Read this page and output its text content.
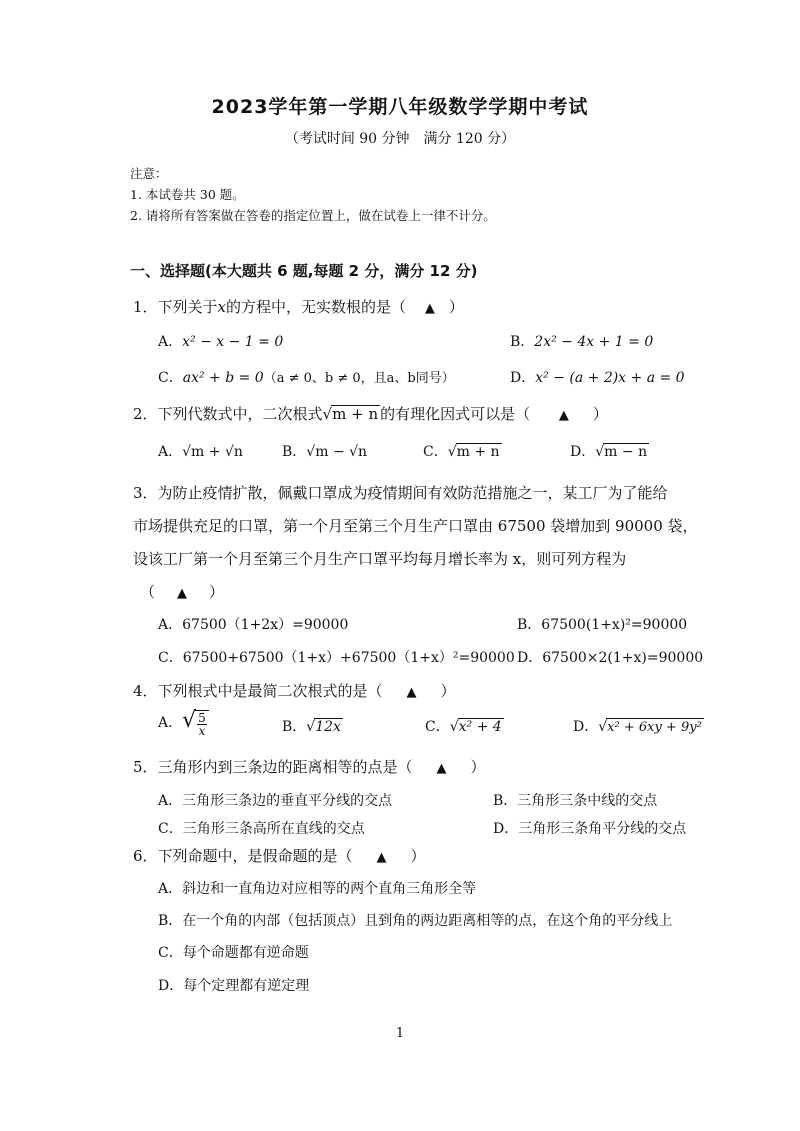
2023学年第一学期八年级数学学期中考试
（考试时间 90 分钟　满分 120 分）
注意：
1. 本试卷共 30 题。
2. 请将所有答案做在答卷的指定位置上，做在试卷上一律不计分。
一、选择题(本大题共 6 题,每题 2 分，满分 12 分)
1．下列关于x的方程中，无实数根的是（ ▲ ）
A．x² − x − 1 = 0	B．2x² − 4x + 1 = 0
C．ax² + b = 0（a ≠ 0、b ≠ 0，且a、b同号）	D．x² − (a + 2)x + a = 0
2．下列代数式中，二次根式√m + n 的有理化因式可以是（ ▲ ）
A．√m + √n	B．√m − √n	C．√m + n	D．√m − n
3．为防止疫情扩散，佩戴口罩成为疫情期间有效防范措施之一，某工厂为了能给
市场提供充足的口罩，第一个月至第三个月生产口罩由 67500 袋增加到 90000 袋，
设该工厂第一个月至第三个月生产口罩平均每月增长率为 x，则可列方程为
（ ▲ ）
A．67500（1+2x）=90000	B．67500(1+x)²=90000
C．67500+67500（1+x）+67500（1+x）²=90000 D．67500×2(1+x)=90000
4．下列根式中是最简二次根式的是（ ▲ ）
A．√ $\frac{5}{x}$	B．√12x	C．√x² + 4	D．√x² + 6xy + 9y²
5．三角形内到三条边的距离相等的点是（ ▲ ）
A．三角形三条边的垂直平分线的交点	B．三角形三条中线的交点
C．三角形三条高所在直线的交点	D．三角形三条角平分线的交点
6．下列命题中，是假命题的是（ ▲ ）
A．斜边和一直角边对应相等的两个直角三角形全等
B．在一个角的内部（包括顶点）且到角的两边距离相等的点，在这个角的平分线上
C．每个命题都有逆命题
D．每个定理都有逆定理
1
